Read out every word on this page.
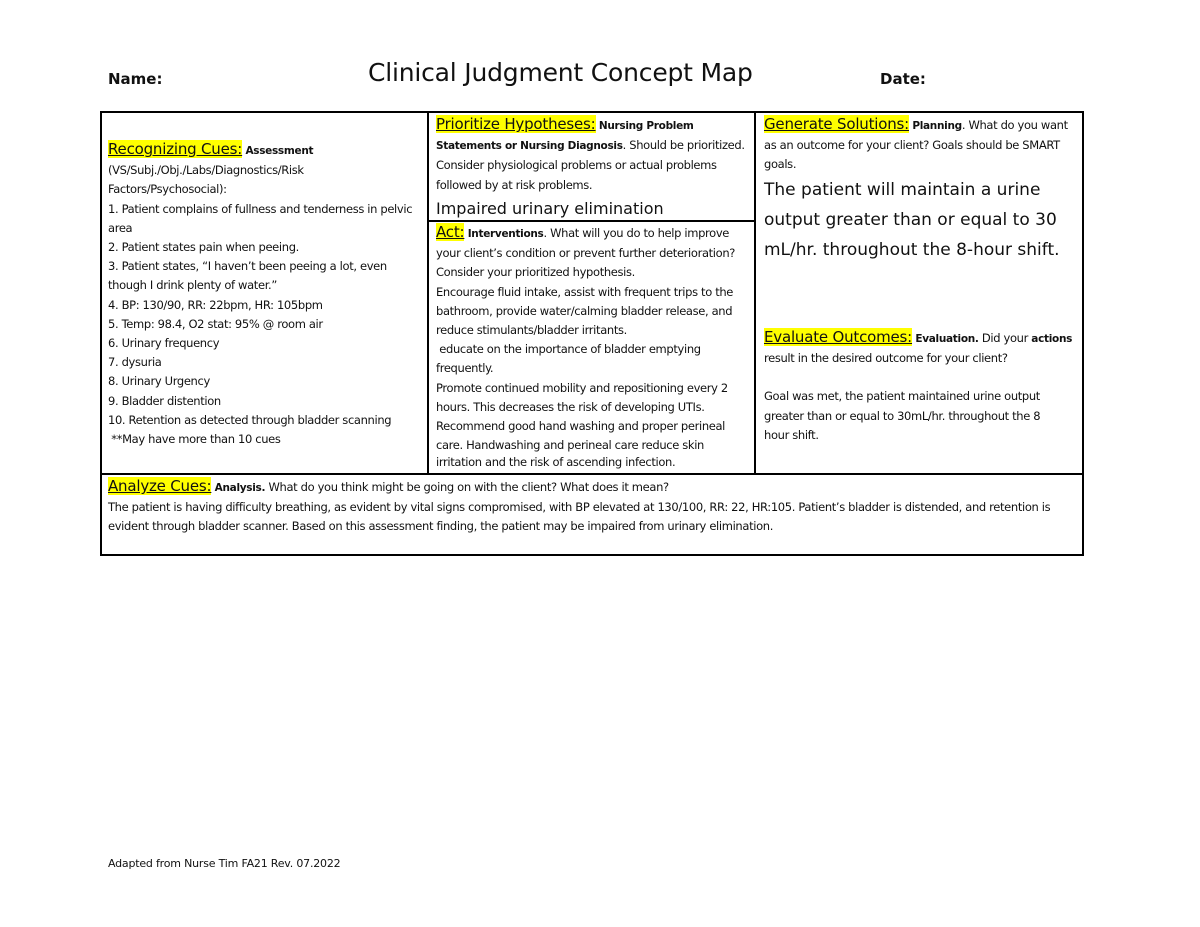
Name:	Clinical Judgment Concept Map	Date:
Recognizing Cues: Assessment
(VS/Subj./Obj./Labs/Diagnostics/Risk
Factors/Psychosocial):
1. Patient complains of fullness and tenderness in pelvic
area
2. Patient states pain when peeing.
3. Patient states, “I haven’t been peeing a lot, even
though I drink plenty of water.”
4. BP: 130/90, RR: 22bpm, HR: 105bpm
5. Temp: 98.4, O2 stat: 95% @ room air
6. Urinary frequency
7. dysuria
8. Urinary Urgency
9. Bladder distention
10. Retention as detected through bladder scanning
**May have more than 10 cues
Prioritize Hypotheses: Nursing Problem
Statements or Nursing Diagnosis. Should be prioritized.
Consider physiological problems or actual problems
followed by at risk problems.
Impaired urinary elimination
Act: Interventions. What will you do to help improve
your client’s condition or prevent further deterioration?
Consider your prioritized hypothesis.
Encourage fluid intake, assist with frequent trips to the
bathroom, provide water/calming bladder release, and
reduce stimulants/bladder irritants.
educate on the importance of bladder emptying
frequently.
Promote continued mobility and repositioning every 2
hours. This decreases the risk of developing UTIs.
Recommend good hand washing and proper perineal
care. Handwashing and perineal care reduce skin
irritation and the risk of ascending infection.
Generate Solutions: Planning. What do you want
as an outcome for your client? Goals should be SMART
goals.
The patient will maintain a urine
output greater than or equal to 30
mL/hr. throughout the 8-hour shift.
Evaluate Outcomes: Evaluation. Did your actions
result in the desired outcome for your client?
Goal was met, the patient maintained urine output
greater than or equal to 30mL/hr. throughout the 8
hour shift.
Analyze Cues: Analysis. What do you think might be going on with the client? What does it mean?
The patient is having difficulty breathing, as evident by vital signs compromised, with BP elevated at 130/100, RR: 22, HR:105. Patient’s bladder is distended, and retention is
evident through bladder scanner. Based on this assessment finding, the patient may be impaired from urinary elimination.
Adapted from Nurse Tim FA21 Rev. 07.2022
